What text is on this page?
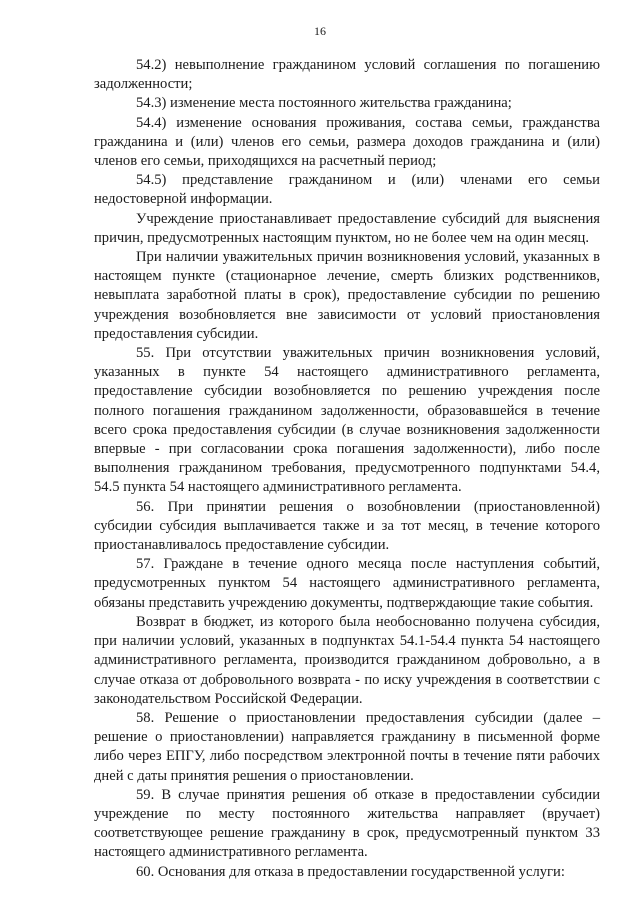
16

54.2) невыполнение гражданином условий соглашения по погашению задолженности;

54.3) изменение места постоянного жительства гражданина;

54.4) изменение основания проживания, состава семьи, гражданства гражданина и (или) членов его семьи, размера доходов гражданина и (или) членов его семьи, приходящихся на расчетный период;

54.5) представление гражданином и (или) членами его семьи недостоверной информации.

Учреждение приостанавливает предоставление субсидий для выяснения причин, предусмотренных настоящим пунктом, но не более чем на один месяц.

При наличии уважительных причин возникновения условий, указанных в настоящем пункте (стационарное лечение, смерть близких родственников, невыплата заработной платы в срок), предоставление субсидии по решению учреждения возобновляется вне зависимости от условий приостановления предоставления субсидии.

55. При отсутствии уважительных причин возникновения условий, указанных в пункте 54 настоящего административного регламента, предоставление субсидии возобновляется по решению учреждения после полного погашения гражданином задолженности, образовавшейся в течение всего срока предоставления субсидии (в случае возникновения задолженности впервые - при согласовании срока погашения задолженности), либо после выполнения гражданином требования, предусмотренного подпунктами 54.4, 54.5 пункта 54 настоящего административного регламента.

56. При принятии решения о возобновлении (приостановленной) субсидии субсидия выплачивается также и за тот месяц, в течение которого приостанавливалось предоставление субсидии.

57. Граждане в течение одного месяца после наступления событий, предусмотренных пунктом 54 настоящего административного регламента, обязаны представить учреждению документы, подтверждающие такие события.

Возврат в бюджет, из которого была необоснованно получена субсидия, при наличии условий, указанных в подпунктах 54.1-54.4 пункта 54 настоящего административного регламента, производится гражданином добровольно, а в случае отказа от добровольного возврата - по иску учреждения в соответствии с законодательством Российской Федерации.

58. Решение о приостановлении предоставления субсидии (далее – решение о приостановлении) направляется гражданину в письменной форме либо через ЕПГУ, либо посредством электронной почты в течение пяти рабочих дней с даты принятия решения о приостановлении.

59. В случае принятия решения об отказе в предоставлении субсидии учреждение по месту постоянного жительства направляет (вручает) соответствующее решение гражданину в срок, предусмотренный пунктом 33 настоящего административного регламента.

60. Основания для отказа в предоставлении государственной услуги:
